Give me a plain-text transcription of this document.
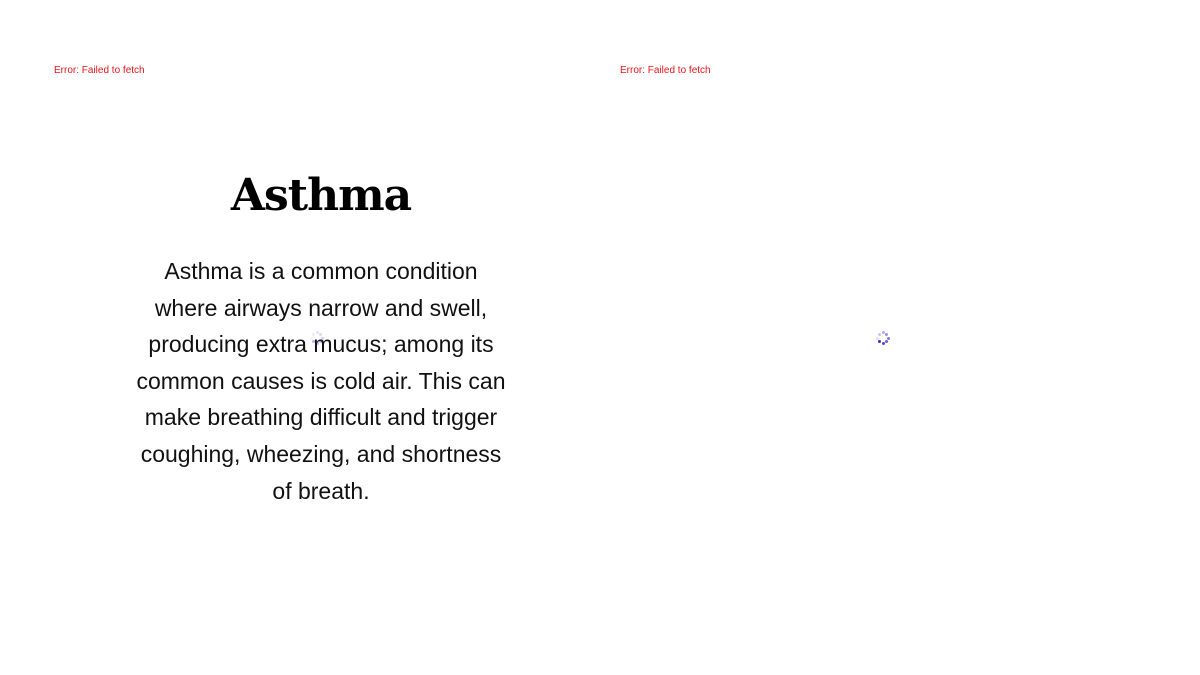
Error: Failed to fetch
Asthma

Asthma is a common condition where airways narrow and swell, producing extra mucus; among its common causes is cold air. This can make breathing difficult and trigger coughing, wheezing, and shortness of breath.

Error: Failed to fetch
